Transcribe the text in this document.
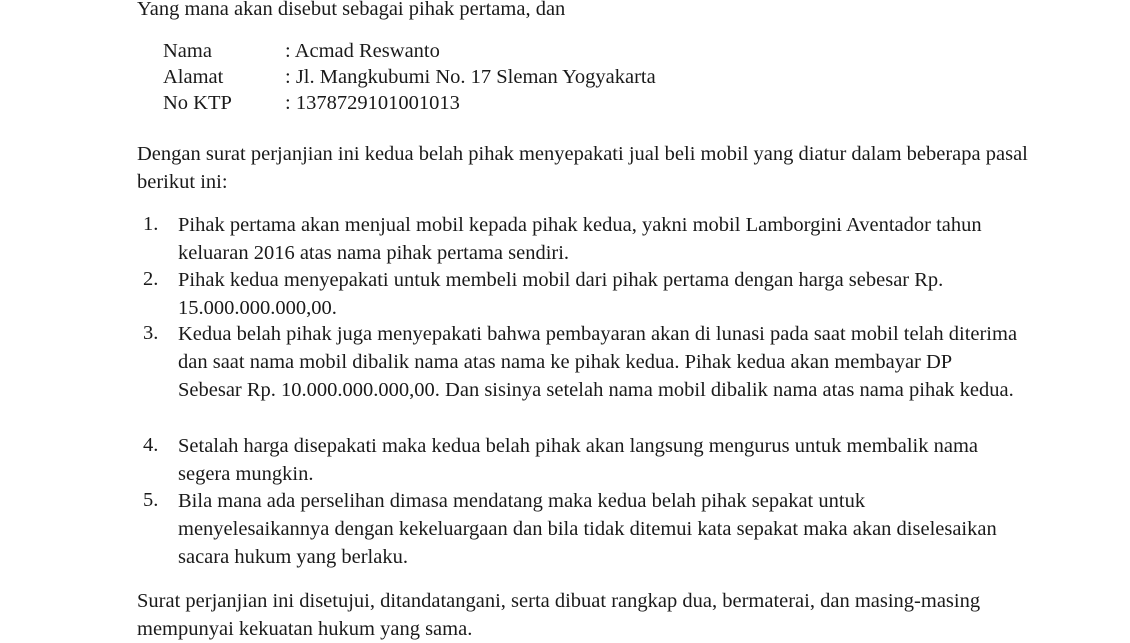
Yang mana akan disebut sebagai pihak pertama, dan
Nama	: Acmad Reswanto
Alamat	: Jl. Mangkubumi No. 17 Sleman Yogyakarta
No KTP	: 1378729101001013
Dengan surat perjanjian ini kedua belah pihak menyepakati jual beli mobil yang diatur dalam beberapa pasal berikut ini:
1. Pihak pertama akan menjual mobil kepada pihak kedua, yakni mobil Lamborgini Aventador tahun keluaran 2016 atas nama pihak pertama sendiri.
2. Pihak kedua menyepakati untuk membeli mobil dari pihak pertama dengan harga sebesar Rp. 15.000.000.000,00.
3. Kedua belah pihak juga menyepakati bahwa pembayaran akan di lunasi pada saat mobil telah diterima dan saat nama mobil dibalik nama atas nama ke pihak kedua. Pihak kedua akan membayar DP Sebesar Rp. 10.000.000.000,00. Dan sisinya setelah nama mobil dibalik nama atas nama pihak kedua.
4. Setalah harga disepakati maka kedua belah pihak akan langsung mengurus untuk membalik nama segera mungkin.
5. Bila mana ada perselihan dimasa mendatang maka kedua belah pihak sepakat untuk menyelesaikannya dengan kekeluargaan dan bila tidak ditemui kata sepakat maka akan diselesaikan sacara hukum yang berlaku.
Surat perjanjian ini disetujui, ditandatangani, serta dibuat rangkap dua, bermaterai, dan masing-masing mempunyai kekuatan hukum yang sama.
